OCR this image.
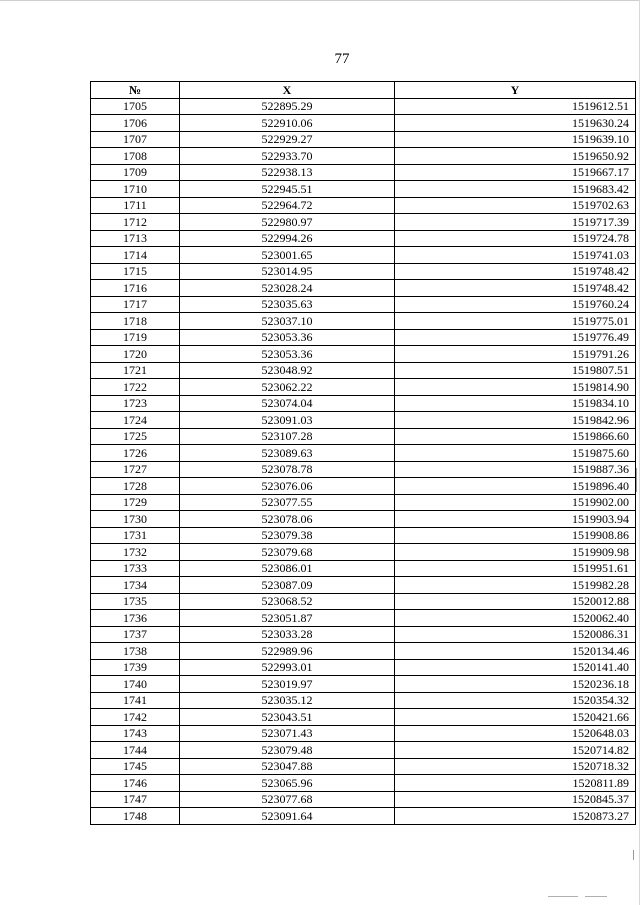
77
№	X	Y
1705	522895.29	1519612.51
1706	522910.06	1519630.24
1707	522929.27	1519639.10
1708	522933.70	1519650.92
1709	522938.13	1519667.17
1710	522945.51	1519683.42
1711	522964.72	1519702.63
1712	522980.97	1519717.39
1713	522994.26	1519724.78
1714	523001.65	1519741.03
1715	523014.95	1519748.42
1716	523028.24	1519748.42
1717	523035.63	1519760.24
1718	523037.10	1519775.01
1719	523053.36	1519776.49
1720	523053.36	1519791.26
1721	523048.92	1519807.51
1722	523062.22	1519814.90
1723	523074.04	1519834.10
1724	523091.03	1519842.96
1725	523107.28	1519866.60
1726	523089.63	1519875.60
1727	523078.78	1519887.36
1728	523076.06	1519896.40
1729	523077.55	1519902.00
1730	523078.06	1519903.94
1731	523079.38	1519908.86
1732	523079.68	1519909.98
1733	523086.01	1519951.61
1734	523087.09	1519982.28
1735	523068.52	1520012.88
1736	523051.87	1520062.40
1737	523033.28	1520086.31
1738	522989.96	1520134.46
1739	522993.01	1520141.40
1740	523019.97	1520236.18
1741	523035.12	1520354.32
1742	523043.51	1520421.66
1743	523071.43	1520648.03
1744	523079.48	1520714.82
1745	523047.88	1520718.32
1746	523065.96	1520811.89
1747	523077.68	1520845.37
1748	523091.64	1520873.27
